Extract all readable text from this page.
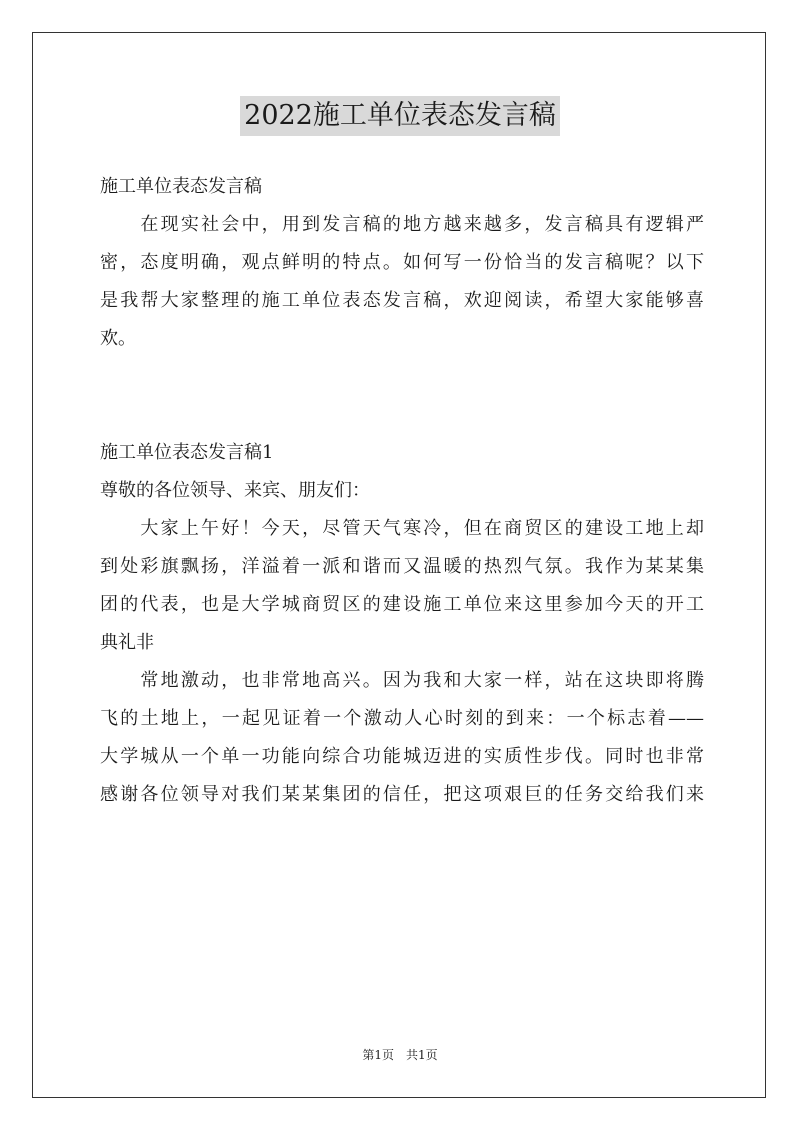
2022施工单位表态发言稿
施工单位表态发言稿
　　在现实社会中，用到发言稿的地方越来越多，发言稿具有逻辑严
密，态度明确，观点鲜明的特点。如何写一份恰当的发言稿呢？以下
是我帮大家整理的施工单位表态发言稿，欢迎阅读，希望大家能够喜
欢。
施工单位表态发言稿1
尊敬的各位领导、来宾、朋友们：
　　大家上午好！今天，尽管天气寒冷，但在商贸区的建设工地上却
到处彩旗飘扬，洋溢着一派和谐而又温暖的热烈气氛。我作为某某集
团的代表，也是大学城商贸区的建设施工单位来这里参加今天的开工
典礼非
　　常地激动，也非常地高兴。因为我和大家一样，站在这块即将腾
飞的土地上，一起见证着一个激动人心时刻的到来：一个标志着——
大学城从一个单一功能向综合功能城迈进的实质性步伐。同时也非常
感谢各位领导对我们某某集团的信任，把这项艰巨的任务交给我们来
第1页　共1页
